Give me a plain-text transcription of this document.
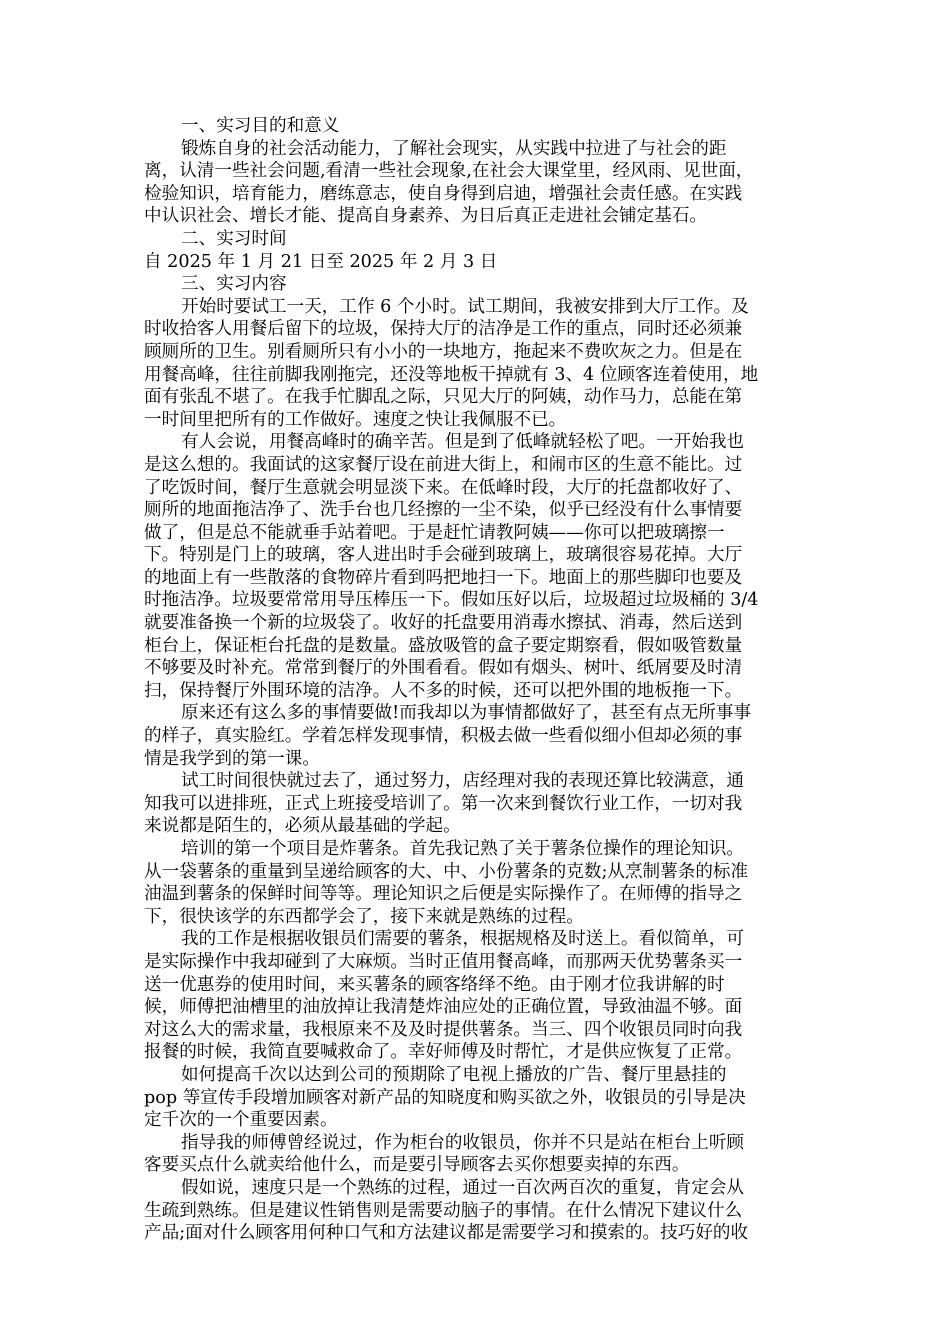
一、实习目的和意义
锻炼自身的社会活动能力，了解社会现实，从实践中拉进了与社会的距
离，认清一些社会问题,看清一些社会现象,在社会大课堂里，经风雨、见世面，
检验知识，培育能力，磨练意志，使自身得到启迪，增强社会责任感。在实践
中认识社会、增长才能、提高自身素养、为日后真正走进社会铺定基石。
二、实习时间
自 2025 年 1 月 21 日至 2025 年 2 月 3 日
三、实习内容
开始时要试工一天，工作 6 个小时。试工期间，我被安排到大厅工作。及
时收拾客人用餐后留下的垃圾，保持大厅的洁净是工作的重点，同时还必须兼
顾厕所的卫生。别看厕所只有小小的一块地方，拖起来不费吹灰之力。但是在
用餐高峰，往往前脚我刚拖完，还没等地板干掉就有 3、4 位顾客连着使用，地
面有张乱不堪了。在我手忙脚乱之际，只见大厅的阿姨，动作马力，总能在第
一时间里把所有的工作做好。速度之快让我佩服不已。
有人会说，用餐高峰时的确辛苦。但是到了低峰就轻松了吧。一开始我也
是这么想的。我面试的这家餐厅设在前进大街上，和闹市区的生意不能比。过
了吃饭时间，餐厅生意就会明显淡下来。在低峰时段，大厅的托盘都收好了、
厕所的地面拖洁净了、洗手台也几经擦的一尘不染，似乎已经没有什么事情要
做了，但是总不能就垂手站着吧。于是赶忙请教阿姨——你可以把玻璃擦一
下。特别是门上的玻璃，客人进出时手会碰到玻璃上，玻璃很容易花掉。大厅
的地面上有一些散落的食物碎片看到吗把地扫一下。地面上的那些脚印也要及
时拖洁净。垃圾要常常用导压棒压一下。假如压好以后，垃圾超过垃圾桶的 3/4
就要准备换一个新的垃圾袋了。收好的托盘要用消毒水擦拭、消毒，然后送到
柜台上，保证柜台托盘的是数量。盛放吸管的盒子要定期察看，假如吸管数量
不够要及时补充。常常到餐厅的外围看看。假如有烟头、树叶、纸屑要及时清
扫，保持餐厅外围环境的洁净。人不多的时候，还可以把外围的地板拖一下。
原来还有这么多的事情要做!而我却以为事情都做好了，甚至有点无所事事
的样子，真实脸红。学着怎样发现事情，积极去做一些看似细小但却必须的事
情是我学到的第一课。
试工时间很快就过去了，通过努力，店经理对我的表现还算比较满意，通
知我可以进排班，正式上班接受培训了。第一次来到餐饮行业工作，一切对我
来说都是陌生的，必须从最基础的学起。
培训的第一个项目是炸薯条。首先我记熟了关于薯条位操作的理论知识。
从一袋薯条的重量到呈递给顾客的大、中、小份薯条的克数;从烹制薯条的标准
油温到薯条的保鲜时间等等。理论知识之后便是实际操作了。在师傅的指导之
下，很快该学的东西都学会了，接下来就是熟练的过程。
我的工作是根据收银员们需要的薯条，根据规格及时送上。看似简单，可
是实际操作中我却碰到了大麻烦。当时正值用餐高峰，而那两天优势薯条买一
送一优惠券的使用时间，来买薯条的顾客络绎不绝。由于刚才位我讲解的时
候，师傅把油槽里的油放掉让我清楚炸油应处的正确位置，导致油温不够。面
对这么大的需求量，我根原来不及及时提供薯条。当三、四个收银员同时向我
报餐的时候，我简直要喊救命了。幸好师傅及时帮忙，才是供应恢复了正常。
如何提高千次以达到公司的预期除了电视上播放的广告、餐厅里悬挂的
pop 等宣传手段增加顾客对新产品的知晓度和购买欲之外，收银员的引导是决
定千次的一个重要因素。
指导我的师傅曾经说过，作为柜台的收银员，你并不只是站在柜台上听顾
客要买点什么就卖给他什么，而是要引导顾客去买你想要卖掉的东西。
假如说，速度只是一个熟练的过程，通过一百次两百次的重复，肯定会从
生疏到熟练。但是建议性销售则是需要动脑子的事情。在什么情况下建议什么
产品;面对什么顾客用何种口气和方法建议都是需要学习和摸索的。技巧好的收
